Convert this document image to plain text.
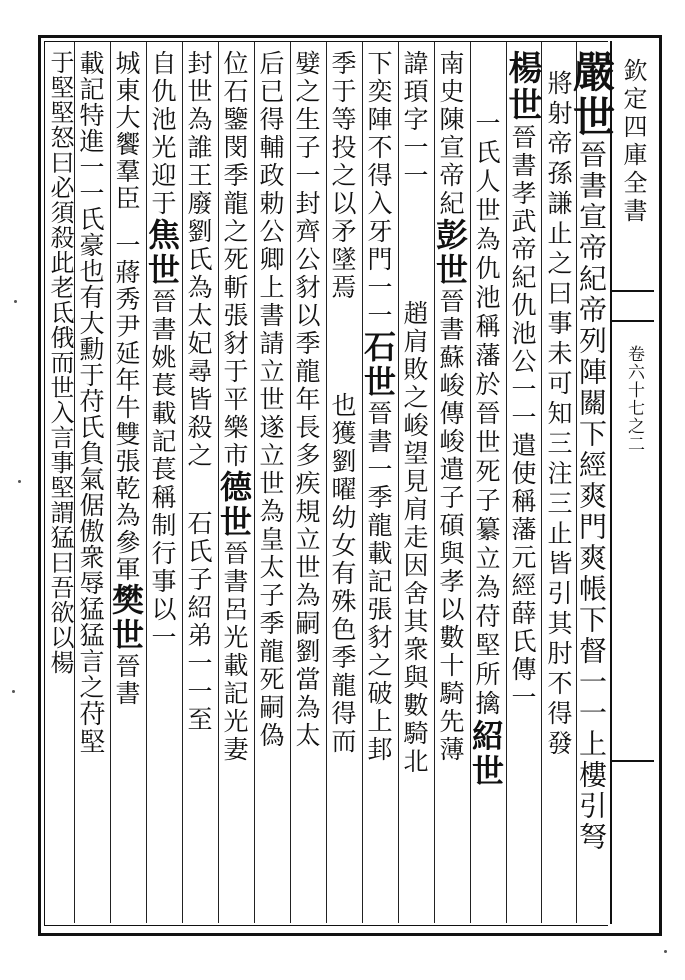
欽定四庫全書
卷六十七之二
嚴世晉書宣帝紀帝列陣關下經爽門爽帳下督一一上樓引弩
將射帝孫謙止之曰事未可知三注三止皆引其肘不得發
楊世晉書孝武帝紀仇池公一一遣使稱藩元經薛氏傳一
一氏人世為仇池稱藩於晉世死子纂立為苻堅所擒紹世
南史陳宣帝紀彭世晉書蘇峻傳峻遣子碩與孝以數十騎先薄
諱頊字一一趙肩敗之峻望見肩走因舍其衆與數騎北
下奕陣不得入牙門一一石世晉書一季龍載記張豺之破上邽
季于等投之以矛墜焉也獲劉曜幼女有殊色季龍得而
嬖之生子一封齊公豺以季龍年長多疾規立世為嗣劉當為太
后已得輔政勅公卿上書請立世遂立世為皇太子季龍死嗣偽
位石鑒閔季龍之死斬張豺于平樂市德世晉書呂光載記光妻
封世為誰王廢劉氏為太妃尋皆殺之石氏子紹弟一一至
自仇池光迎于焦世晉書姚萇載記萇稱制行事以一
城東大饗羣臣一蔣秀尹延年牛雙張乾為參軍樊世晉書
載記特進一一氏豪也有大勳于苻氏負氣倨傲衆辱猛猛言之苻堅
于堅堅怒曰必須殺此老氐俄而世入言事堅謂猛曰吾欲以楊
